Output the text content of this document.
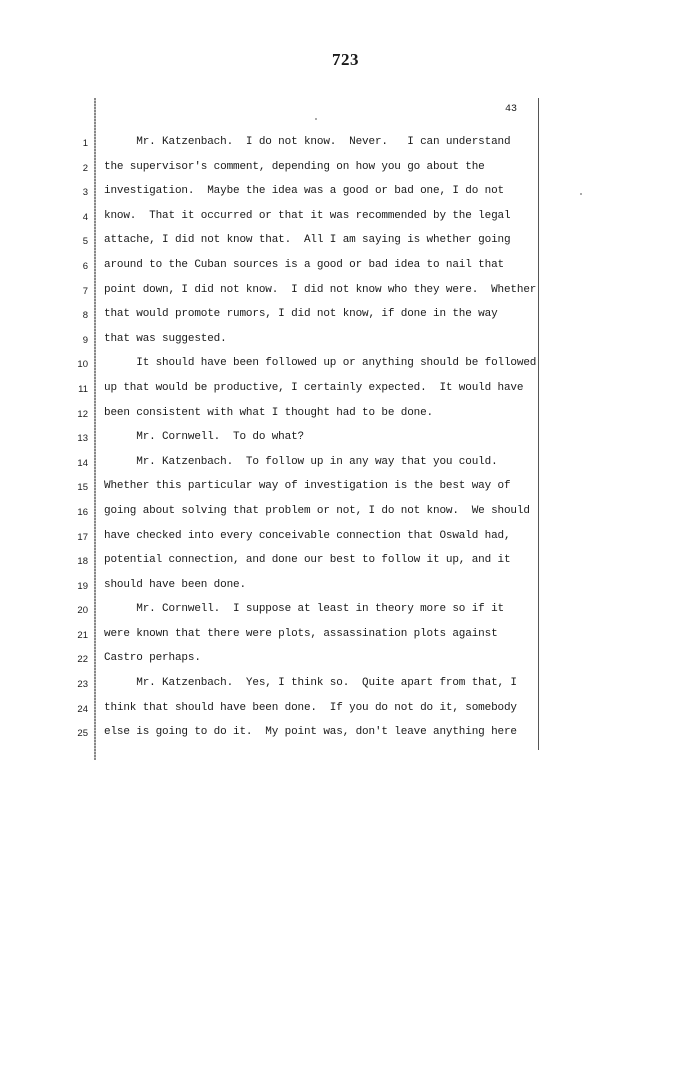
723
43
1 Mr. Katzenbach.  I do not know.  Never.   I can understand
2 the supervisor's comment, depending on how you go about the
3 investigation.  Maybe the idea was a good or bad one, I do not
4 know.  That it occurred or that it was recommended by the legal
5 attache, I did not know that.  All I am saying is whether going
6 around to the Cuban sources is a good or bad idea to nail that
7 point down, I did not know.  I did not know who they were.  Whether
8 that would promote rumors, I did not know, if done in the way
9 that was suggested.
10 It should have been followed up or anything should be followed
11 up that would be productive, I certainly expected.  It would have
12 been consistent with what I thought had to be done.
13 Mr. Cornwell.  To do what?
14 Mr. Katzenbach.  To follow up in any way that you could.
15 Whether this particular way of investigation is the best way of
16 going about solving that problem or not, I do not know.  We should
17 have checked into every conceivable connection that Oswald had,
18 potential connection, and done our best to follow it up, and it
19 should have been done.
20 Mr. Cornwell.  I suppose at least in theory more so if it
21 were known that there were plots, assassination plots against
22 Castro perhaps.
23 Mr. Katzenbach.  Yes, I think so.  Quite apart from that, I
24 think that should have been done.  If you do not do it, somebody
25 else is going to do it.  My point was, don't leave anything here
